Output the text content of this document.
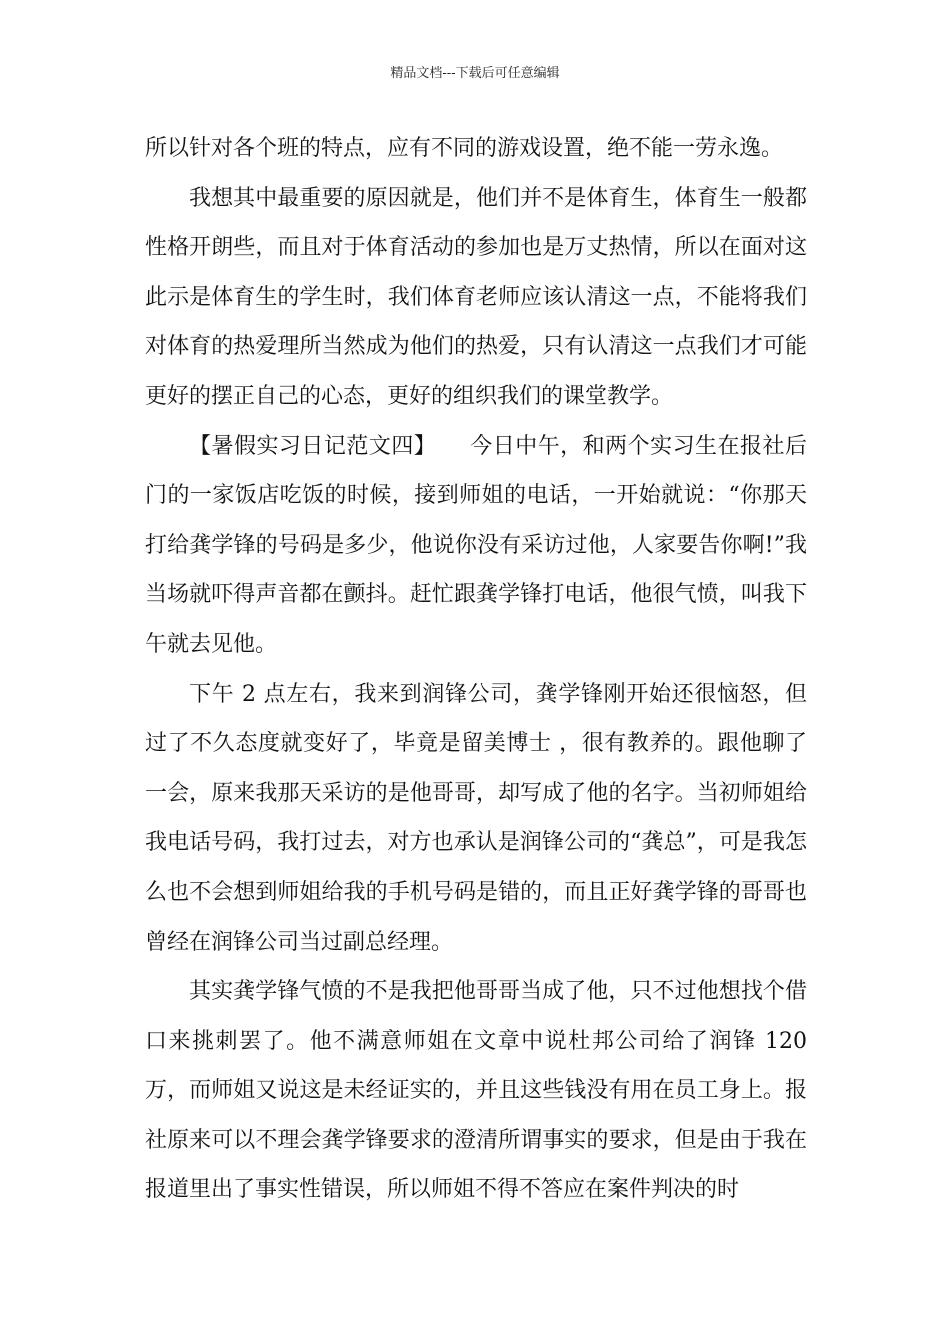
精品文档---下载后可任意编辑

所以针对各个班的特点，应有不同的游戏设置，绝不能一劳永逸。

我想其中最重要的原因就是，他们并不是体育生，体育生一般都性格开朗些，而且对于体育活动的参加也是万丈热情，所以在面对这此示是体育生的学生时，我们体育老师应该认清这一点，不能将我们对体育的热爱理所当然成为他们的热爱，只有认清这一点我们才可能更好的摆正自己的心态，更好的组织我们的课堂教学。

【暑假实习日记范文四】　　今日中午，和两个实习生在报社后门的一家饭店吃饭的时候，接到师姐的电话，一开始就说：“你那天打给龚学锋的号码是多少，他说你没有采访过他，人家要告你啊!”我当场就吓得声音都在颤抖。赶忙跟龚学锋打电话，他很气愤，叫我下午就去见他。

下午 2 点左右，我来到润锋公司，龚学锋刚开始还很恼怒，但过了不久态度就变好了，毕竟是留美博士 ，很有教养的。跟他聊了一会，原来我那天采访的是他哥哥，却写成了他的名字。当初师姐给我电话号码，我打过去，对方也承认是润锋公司的“龚总”，可是我怎么也不会想到师姐给我的手机号码是错的，而且正好龚学锋的哥哥也曾经在润锋公司当过副总经理。

其实龚学锋气愤的不是我把他哥哥当成了他，只不过他想找个借口来挑刺罢了。他不满意师姐在文章中说杜邦公司给了润锋 120 万，而师姐又说这是未经证实的，并且这些钱没有用在员工身上。报社原来可以不理会龚学锋要求的澄清所谓事实的要求，但是由于我在报道里出了事实性错误，所以师姐不得不答应在案件判决的时
